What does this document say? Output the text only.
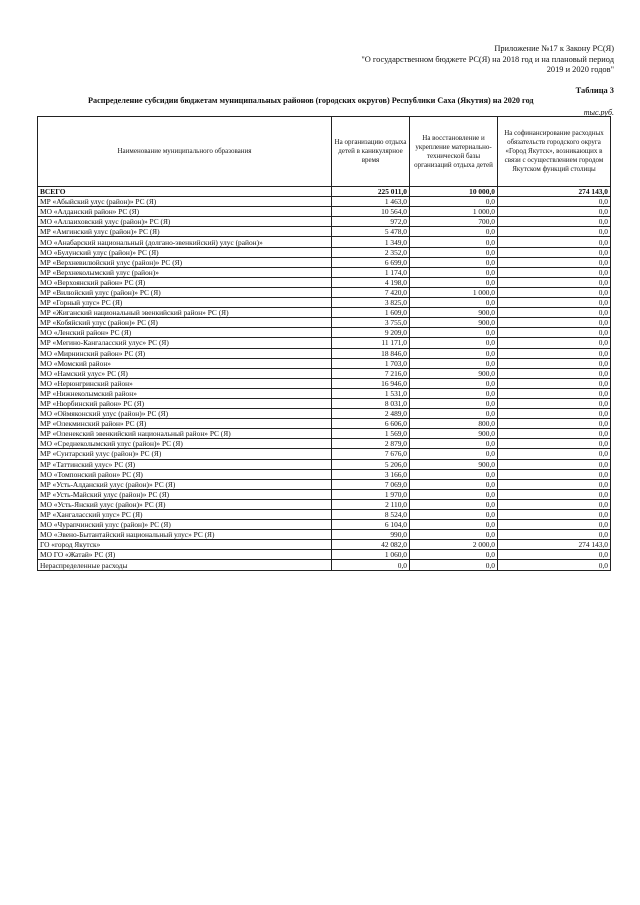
Приложение №17 к Закону РС(Я)
"О государственном бюджете РС(Я) на 2018 год и на плановый период
2019 и 2020 годов"
Таблица 3
Распределение субсидии бюджетам муниципальных районов (городских округов) Республики Саха (Якутия) на 2020 год
тыс.руб.
Наименование муниципального образования	На организацию отдыха детей в каникулярное время	На восстановление и укрепление материально-технической базы организаций отдыха детей	На софинансирование расходных обязательств городского округа «Город Якутск», возникающих в связи с осуществлением городом Якутском функций столицы
ВСЕГО	225 011,0	10 000,0	274 143,0
МР «Абыйский улус (район)» РС (Я)	1 463,0	0,0	0,0
МО «Алданский район» РС (Я)	10 564,0	1 000,0	0,0
МО «Аллаиховский улус (район)» РС (Я)	972,0	700,0	0,0
МР «Амгинский улус (район)» РС (Я)	5 478,0	0,0	0,0
МО «Анабарский национальный (долгано-эвенкийский) улус (район)»	1 349,0	0,0	0,0
МО «Булунский улус (район)» РС (Я)	2 352,0	0,0	0,0
МР «Верхневилюйский улус (район)» РС (Я)	6 699,0	0,0	0,0
МР «Верхнеколымский улус (район)»	1 174,0	0,0	0,0
МО «Верхоянский район» РС (Я)	4 198,0	0,0	0,0
МР «Вилюйский улус (район)» РС (Я)	7 420,0	1 000,0	0,0
МР «Горный улус» РС (Я)	3 825,0	0,0	0,0
МР «Жиганский национальный эвенкийский район» РС (Я)	1 609,0	900,0	0,0
МР «Кобяйский улус (район)» РС (Я)	3 755,0	900,0	0,0
МО «Ленский район» РС (Я)	9 209,0	0,0	0,0
МР «Мегино-Кангаласский улус» РС (Я)	11 171,0	0,0	0,0
МО «Мирнинский район» РС (Я)	18 846,0	0,0	0,0
МО «Момский район»	1 703,0	0,0	0,0
МО «Намский улус» РС (Я)	7 216,0	900,0	0,0
МО «Нерюнгринский район»	16 946,0	0,0	0,0
МР «Нижнеколымский район»	1 531,0	0,0	0,0
МР «Нюрбинский район» РС (Я)	8 031,0	0,0	0,0
МО «Оймяконский улус (район)» РС (Я)	2 489,0	0,0	0,0
МР «Олекминский район» РС (Я)	6 606,0	800,0	0,0
МР «Оленекский эвенкийский национальный район» РС (Я)	1 569,0	900,0	0,0
МО «Среднеколымский улус (район)» РС (Я)	2 879,0	0,0	0,0
МР «Сунтарский улус (район)» РС (Я)	7 676,0	0,0	0,0
МР «Таттинский улус» РС (Я)	5 206,0	900,0	0,0
МО «Томпонский район» РС (Я)	3 166,0	0,0	0,0
МР «Усть-Алданский улус (район)» РС (Я)	7 069,0	0,0	0,0
МР «Усть-Майский улус (район)» РС (Я)	1 970,0	0,0	0,0
МО «Усть-Янский улус (район)» РС (Я)	2 110,0	0,0	0,0
МР «Хангаласский улус» РС (Я)	8 524,0	0,0	0,0
МО «Чурапчинский улус (район)» РС (Я)	6 104,0	0,0	0,0
МО «Эвено-Бытантайский национальный улус» РС (Я)	990,0	0,0	0,0
ГО «город Якутск»	42 082,0	2 000,0	274 143,0
МО ГО «Жатай» РС (Я)	1 060,0	0,0	0,0
Нераспределенные расходы	0,0	0,0	0,0
